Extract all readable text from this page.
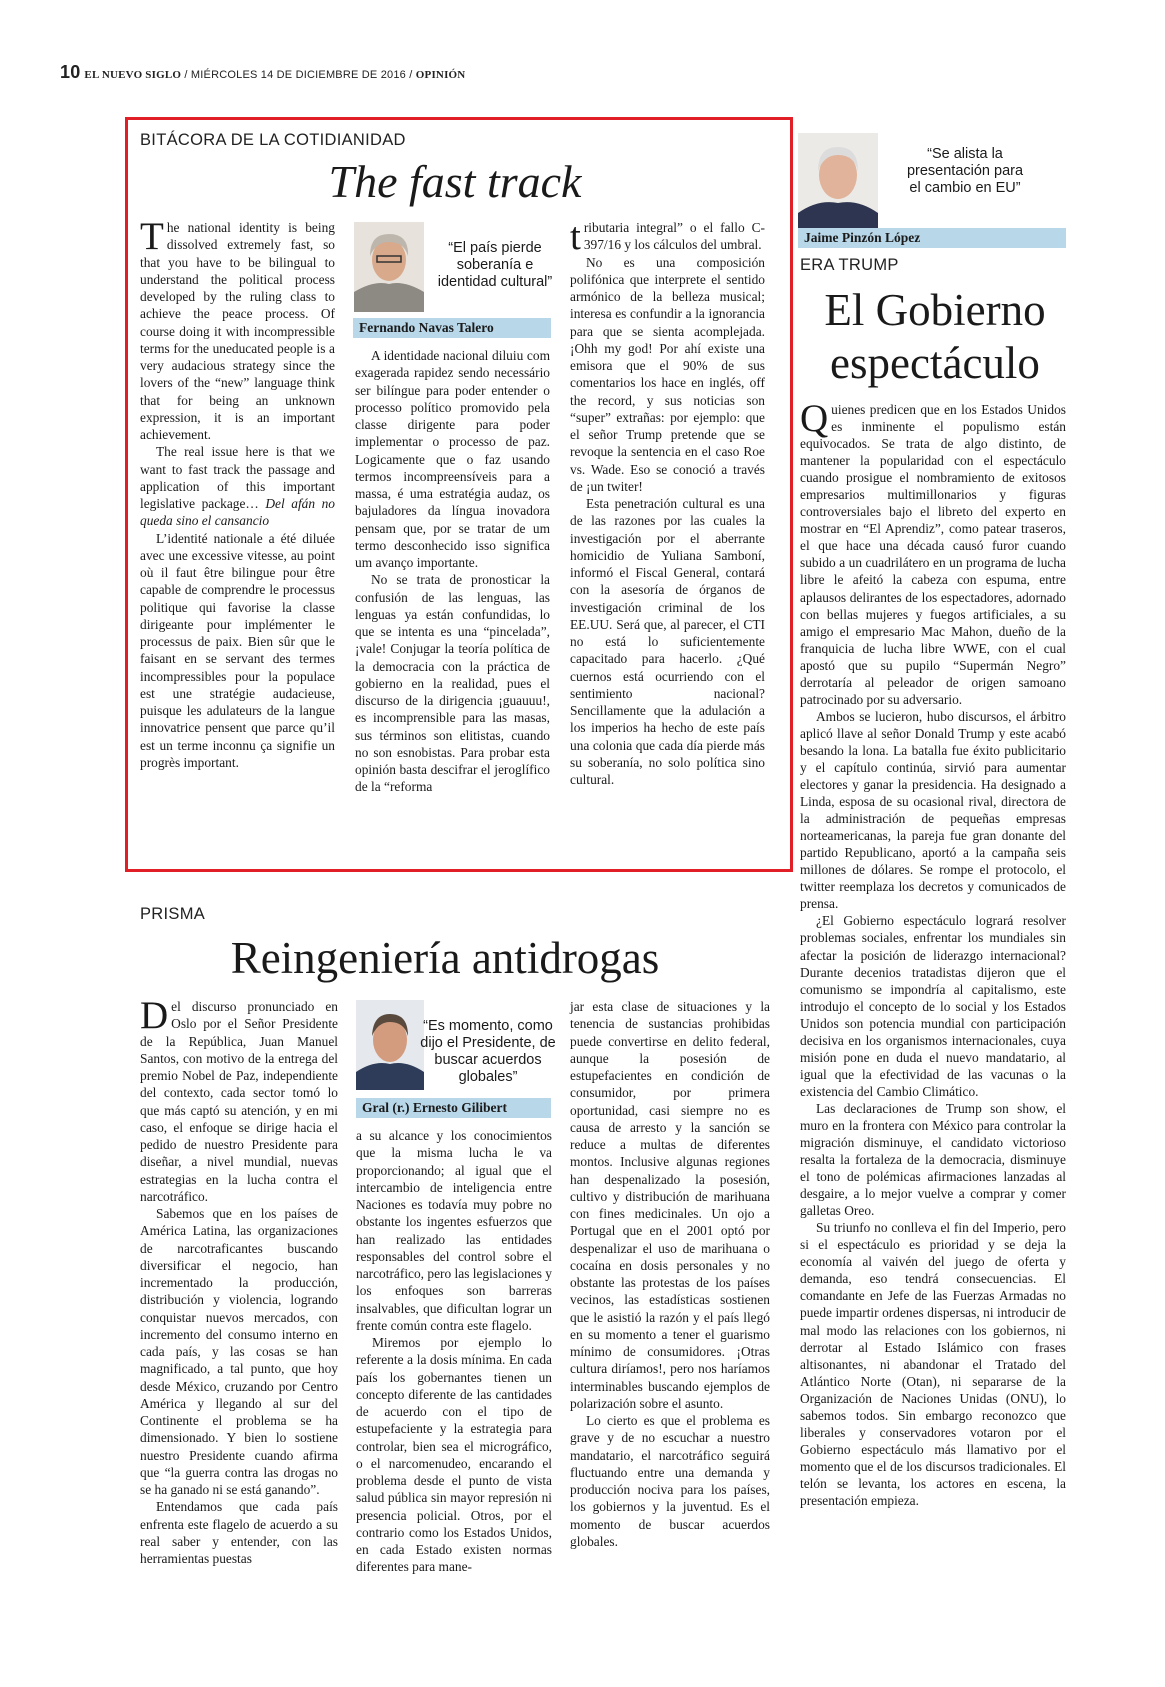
10 EL NUEVO SIGLO / MIÉRCOLES 14 DE DICIEMBRE DE 2016 / OPINIÓN
BITÁCORA DE LA COTIDIANIDAD
The fast track

The national identity is being dissolved extremely fast, so that you have to be bilingual to understand the political process developed by the ruling class to achieve the peace process. Of course doing it with incompressible terms for the uneducated people is a very audacious strategy since the lovers of the “new” language think that for being an unknown expression, it is an important achievement.

The real issue here is that we want to fast track the passage and application of this important legislative package… Del afán no queda sino el cansancio

L’identité nationale a été diluée avec une excessive vitesse, au point où il faut être bilingue pour être capable de comprendre le processus politique qui favorise la classe dirigeante pour implémenter le processus de paix. Bien sûr que le faisant en se servant des termes incompressibles pour la populace est une stratégie audacieuse, puisque les adulateurs de la langue innovatrice pensent que parce qu’il est un terme inconnu ça signifie un progrès important.

“El país pierde soberanía e identidad cultural”
Fernando Navas Talero

A identidade nacional diluiu com exagerada rapidez sendo necessário ser bilíngue para poder entender o processo político promovido pela classe dirigente para poder implementar o processo de paz. Logicamente que o faz usando termos incompreensíveis para a massa, é uma estratégia audaz, os bajuladores da língua inovadora pensam que, por se tratar de um termo desconhecido isso significa um avanço importante.

No se trata de pronosticar la confusión de las lenguas, las lenguas ya están confundidas, lo que se intenta es una “pincelada”, ¡vale! Conjugar la teoría política de la democracia con la práctica de gobierno en la realidad, pues el discurso de la dirigencia ¡guauuu!, es incomprensible para las masas, sus términos son elitistas, cuando no son esnobistas. Para probar esta opinión basta descifrar el jeroglífico de la “reforma

tributaria integral” o el fallo C-397/16 y los cálculos del umbral.

No es una composición polifónica que interprete el sentido armónico de la belleza musical; interesa es confundir a la ignorancia para que se sienta acomplejada. ¡Ohh my god! Por ahí existe una emisora que el 90% de sus comentarios los hace en inglés, off the record, y sus noticias son “super” extrañas: por ejemplo: que el señor Trump pretende que se revoque la sentencia en el caso Roe vs. Wade. Eso se conoció a través de ¡un twiter!

Esta penetración cultural es una de las razones por las cuales la investigación por el aberrante homicidio de Yuliana Samboní, informó el Fiscal General, contará con la asesoría de órganos de investigación criminal de los EE.UU. Será que, al parecer, el CTI no está lo suficientemente capacitado para hacerlo. ¿Qué cuernos está ocurriendo con el sentimiento nacional? Sencillamente que la adulación a los imperios ha hecho de este país una colonia que cada día pierde más su soberanía, no solo política sino cultural.

PRISMA
Reingeniería antidrogas

Del discurso pronunciado en Oslo por el Señor Presidente de la República, Juan Manuel Santos, con motivo de la entrega del premio Nobel de Paz, independiente del contexto, cada sector tomó lo que más captó su atención, y en mi caso, el enfoque se dirige hacia el pedido de nuestro Presidente para diseñar, a nivel mundial, nuevas estrategias en la lucha contra el narcotráfico.

Sabemos que en los países de América Latina, las organizaciones de narcotraficantes buscando diversificar el negocio, han incrementado la producción, distribución y violencia, logrando conquistar nuevos mercados, con incremento del consumo interno en cada país, y las cosas se han magnificado, a tal punto, que hoy desde México, cruzando por Centro América y llegando al sur del Continente el problema se ha dimensionado. Y bien lo sostiene nuestro Presidente cuando afirma que “la guerra contra las drogas no se ha ganado ni se está ganando”.

Entendamos que cada país enfrenta este flagelo de acuerdo a su real saber y entender, con las herramientas puestas

“Es momento, como dijo el Presidente, de buscar acuerdos globales”
Gral (r.) Ernesto Gilibert

a su alcance y los conocimientos que la misma lucha le va proporcionando; al igual que el intercambio de inteligencia entre Naciones es todavía muy pobre no obstante los ingentes esfuerzos que han realizado las entidades responsables del control sobre el narcotráfico, pero las legislaciones y los enfoques son barreras insalvables, que dificultan lograr un frente común contra este flagelo.

Miremos por ejemplo lo referente a la dosis mínima. En cada país los gobernantes tienen un concepto diferente de las cantidades de acuerdo con el tipo de estupefaciente y la estrategia para controlar, bien sea el micrográfico, o el narcomenudeo, encarando el problema desde el punto de vista salud pública sin mayor represión ni presencia policial. Otros, por el contrario como los Estados Unidos, en cada Estado existen normas diferentes para mane-

jar esta clase de situaciones y la tenencia de sustancias prohibidas puede convertirse en delito federal, aunque la posesión de estupefacientes en condición de consumidor, por primera oportunidad, casi siempre no es causa de arresto y la sanción se reduce a multas de diferentes montos. Inclusive algunas regiones han despenalizado la posesión, cultivo y distribución de marihuana con fines medicinales. Un ojo a Portugal que en el 2001 optó por despenalizar el uso de marihuana o cocaína en dosis personales y no obstante las protestas de los países vecinos, las estadísticas sostienen que le asistió la razón y el país llegó en su momento a tener el guarismo mínimo de consumidores. ¡Otras cultura diríamos!, pero nos haríamos interminables buscando ejemplos de polarización sobre el asunto.

Lo cierto es que el problema es grave y de no escuchar a nuestro mandatario, el narcotráfico seguirá fluctuando entre una demanda y producción nociva para los países, los gobiernos y la juventud. Es el momento de buscar acuerdos globales.

“Se alista la presentación para el cambio en EU”
Jaime Pinzón López
ERA TRUMP
El Gobierno espectáculo

Quienes predicen que en los Estados Unidos es inminente el populismo están equivocados. Se trata de algo distinto, de mantener la popularidad con el espectáculo cuando prosigue el nombramiento de exitosos empresarios multimillonarios y figuras controversiales bajo el libreto del experto en mostrar en “El Aprendiz”, como patear traseros, el que hace una década causó furor cuando subido a un cuadrilátero en un programa de lucha libre le afeitó la cabeza con espuma, entre aplausos delirantes de los espectadores, adornado con bellas mujeres y fuegos artificiales, a su amigo el empresario Mac Mahon, dueño de la franquicia de lucha libre WWE, con el cual apostó que su pupilo “Supermán Negro” derrotaría al peleador de origen samoano patrocinado por su adversario.

Ambos se lucieron, hubo discursos, el árbitro aplicó llave al señor Donald Trump y este acabó besando la lona. La batalla fue éxito publicitario y el capítulo continúa, sirvió para aumentar electores y ganar la presidencia. Ha designado a Linda, esposa de su ocasional rival, directora de la administración de pequeñas empresas norteamericanas, la pareja fue gran donante del partido Republicano, aportó a la campaña seis millones de dólares. Se rompe el protocolo, el twitter reemplaza los decretos y comunicados de prensa.

¿El Gobierno espectáculo logrará resolver problemas sociales, enfrentar los mundiales sin afectar la posición de liderazgo internacional? Durante decenios tratadistas dijeron que el comunismo se impondría al capitalismo, este introdujo el concepto de lo social y los Estados Unidos son potencia mundial con participación decisiva en los organismos internacionales, cuya misión pone en duda el nuevo mandatario, al igual que la efectividad de las vacunas o la existencia del Cambio Climático.

Las declaraciones de Trump son show, el muro en la frontera con México para controlar la migración disminuye, el candidato victorioso resalta la fortaleza de la democracia, disminuye el tono de polémicas afirmaciones lanzadas al desgaire, a lo mejor vuelve a comprar y comer galletas Oreo.

Su triunfo no conlleva el fin del Imperio, pero si el espectáculo es prioridad y se deja la economía al vaivén del juego de oferta y demanda, eso tendrá consecuencias. El comandante en Jefe de las Fuerzas Armadas no puede impartir ordenes dispersas, ni introducir de mal modo las relaciones con los gobiernos, ni derrotar al Estado Islámico con frases altisonantes, ni abandonar el Tratado del Atlántico Norte (Otan), ni separarse de la Organización de Naciones Unidas (ONU), lo sabemos todos. Sin embargo reconozco que liberales y conservadores votaron por el Gobierno espectáculo más llamativo por el momento que el de los discursos tradicionales. El telón se levanta, los actores en escena, la presentación empieza.
